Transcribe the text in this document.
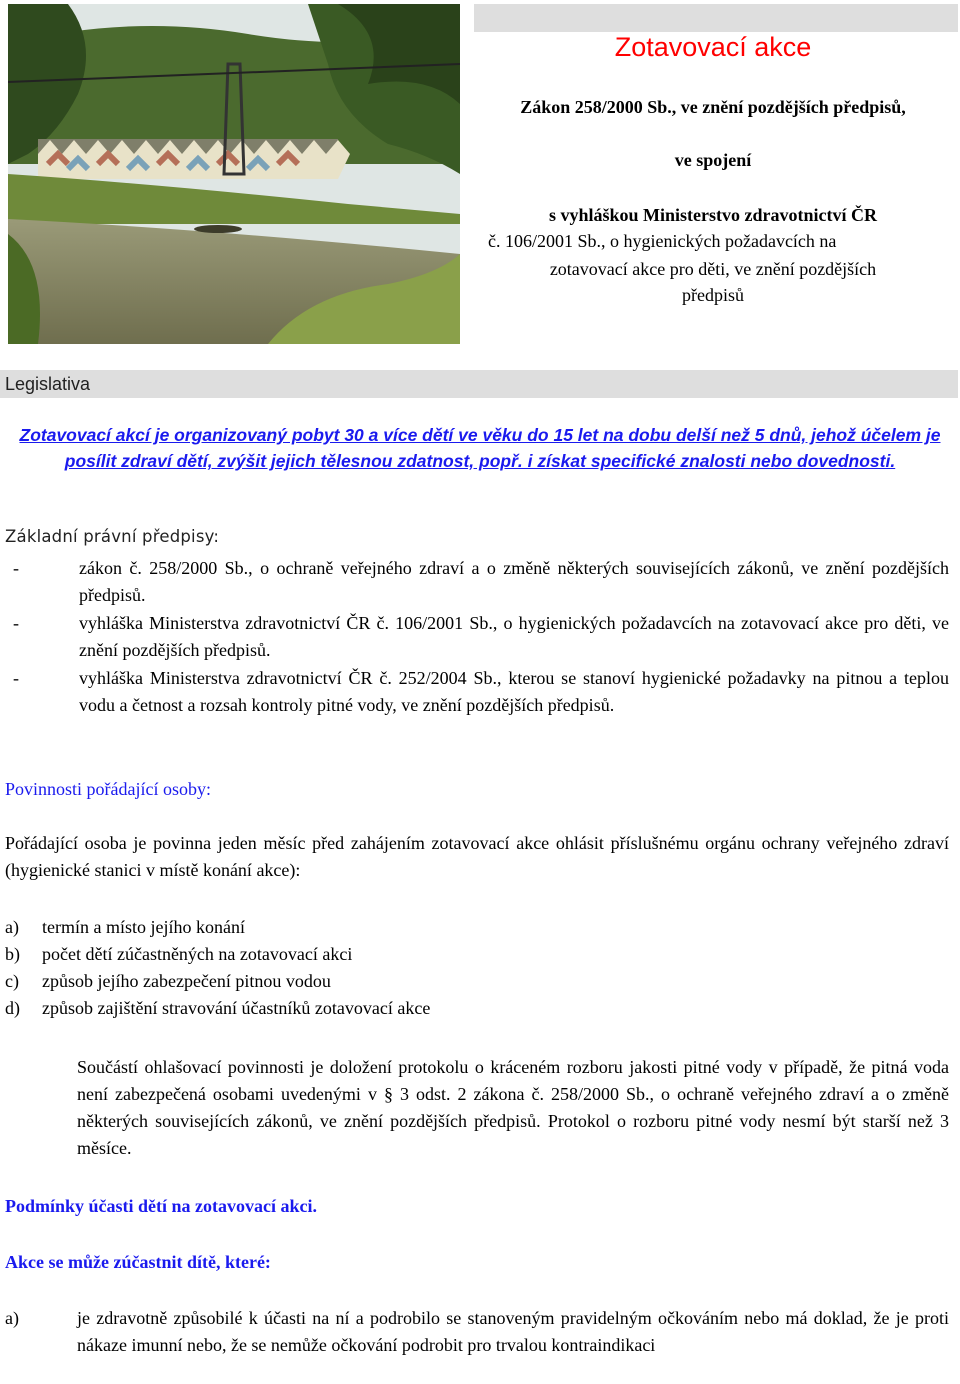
Zotavovací akce
Zákon 258/2000 Sb., ve znění pozdějších předpisů,
ve spojení
s vyhláškou Ministerstvo zdravotnictví ČR
č. 106/2001 Sb., o hygienických požadavcích na
zotavovací akce pro děti, ve znění pozdějších
předpisů
Legislativa
Zotavovací akcí je organizovaný pobyt 30 a více dětí ve věku do 15 let na dobu delší než 5 dnů, jehož účelem je posílit zdraví dětí, zvýšit jejich tělesnou zdatnost, popř. i získat specifické znalosti nebo dovednosti.
Základní právní předpisy:
-	zákon č. 258/2000 Sb., o ochraně veřejného zdraví a o změně některých souvisejících zákonů, ve znění pozdějších předpisů.
-	vyhláška Ministerstva zdravotnictví ČR č. 106/2001 Sb., o hygienických požadavcích na zotavovací akce pro děti, ve znění pozdějších předpisů.
-	vyhláška Ministerstva zdravotnictví ČR č. 252/2004 Sb., kterou se stanoví hygienické požadavky na pitnou a teplou vodu a četnost a rozsah kontroly pitné vody, ve znění pozdějších předpisů.
Povinnosti pořádající osoby:
Pořádající osoba je povinna jeden měsíc před zahájením zotavovací akce ohlásit příslušnému orgánu ochrany veřejného zdraví (hygienické stanici v místě konání akce):
a) termín a místo jejího konání
b) počet dětí zúčastněných na zotavovací akci
c) způsob jejího zabezpečení pitnou vodou
d) způsob zajištění stravování účastníků zotavovací akce
Součástí ohlašovací povinnosti je doložení protokolu o kráceném rozboru jakosti pitné vody v případě, že pitná voda není zabezpečená osobami uvedenými v § 3 odst. 2 zákona č. 258/2000 Sb., o ochraně veřejného zdraví a o změně některých souvisejících zákonů, ve znění pozdějších předpisů. Protokol o rozboru pitné vody nesmí být starší než 3 měsíce.
Podmínky účasti dětí na zotavovací akci.
Akce se může zúčastnit dítě, které:
a)	je zdravotně způsobilé k účasti na ní a podrobilo se stanoveným pravidelným očkováním nebo má doklad, že je proti nákaze imunní nebo, že se nemůže očkování podrobit pro trvalou kontraindikaci
